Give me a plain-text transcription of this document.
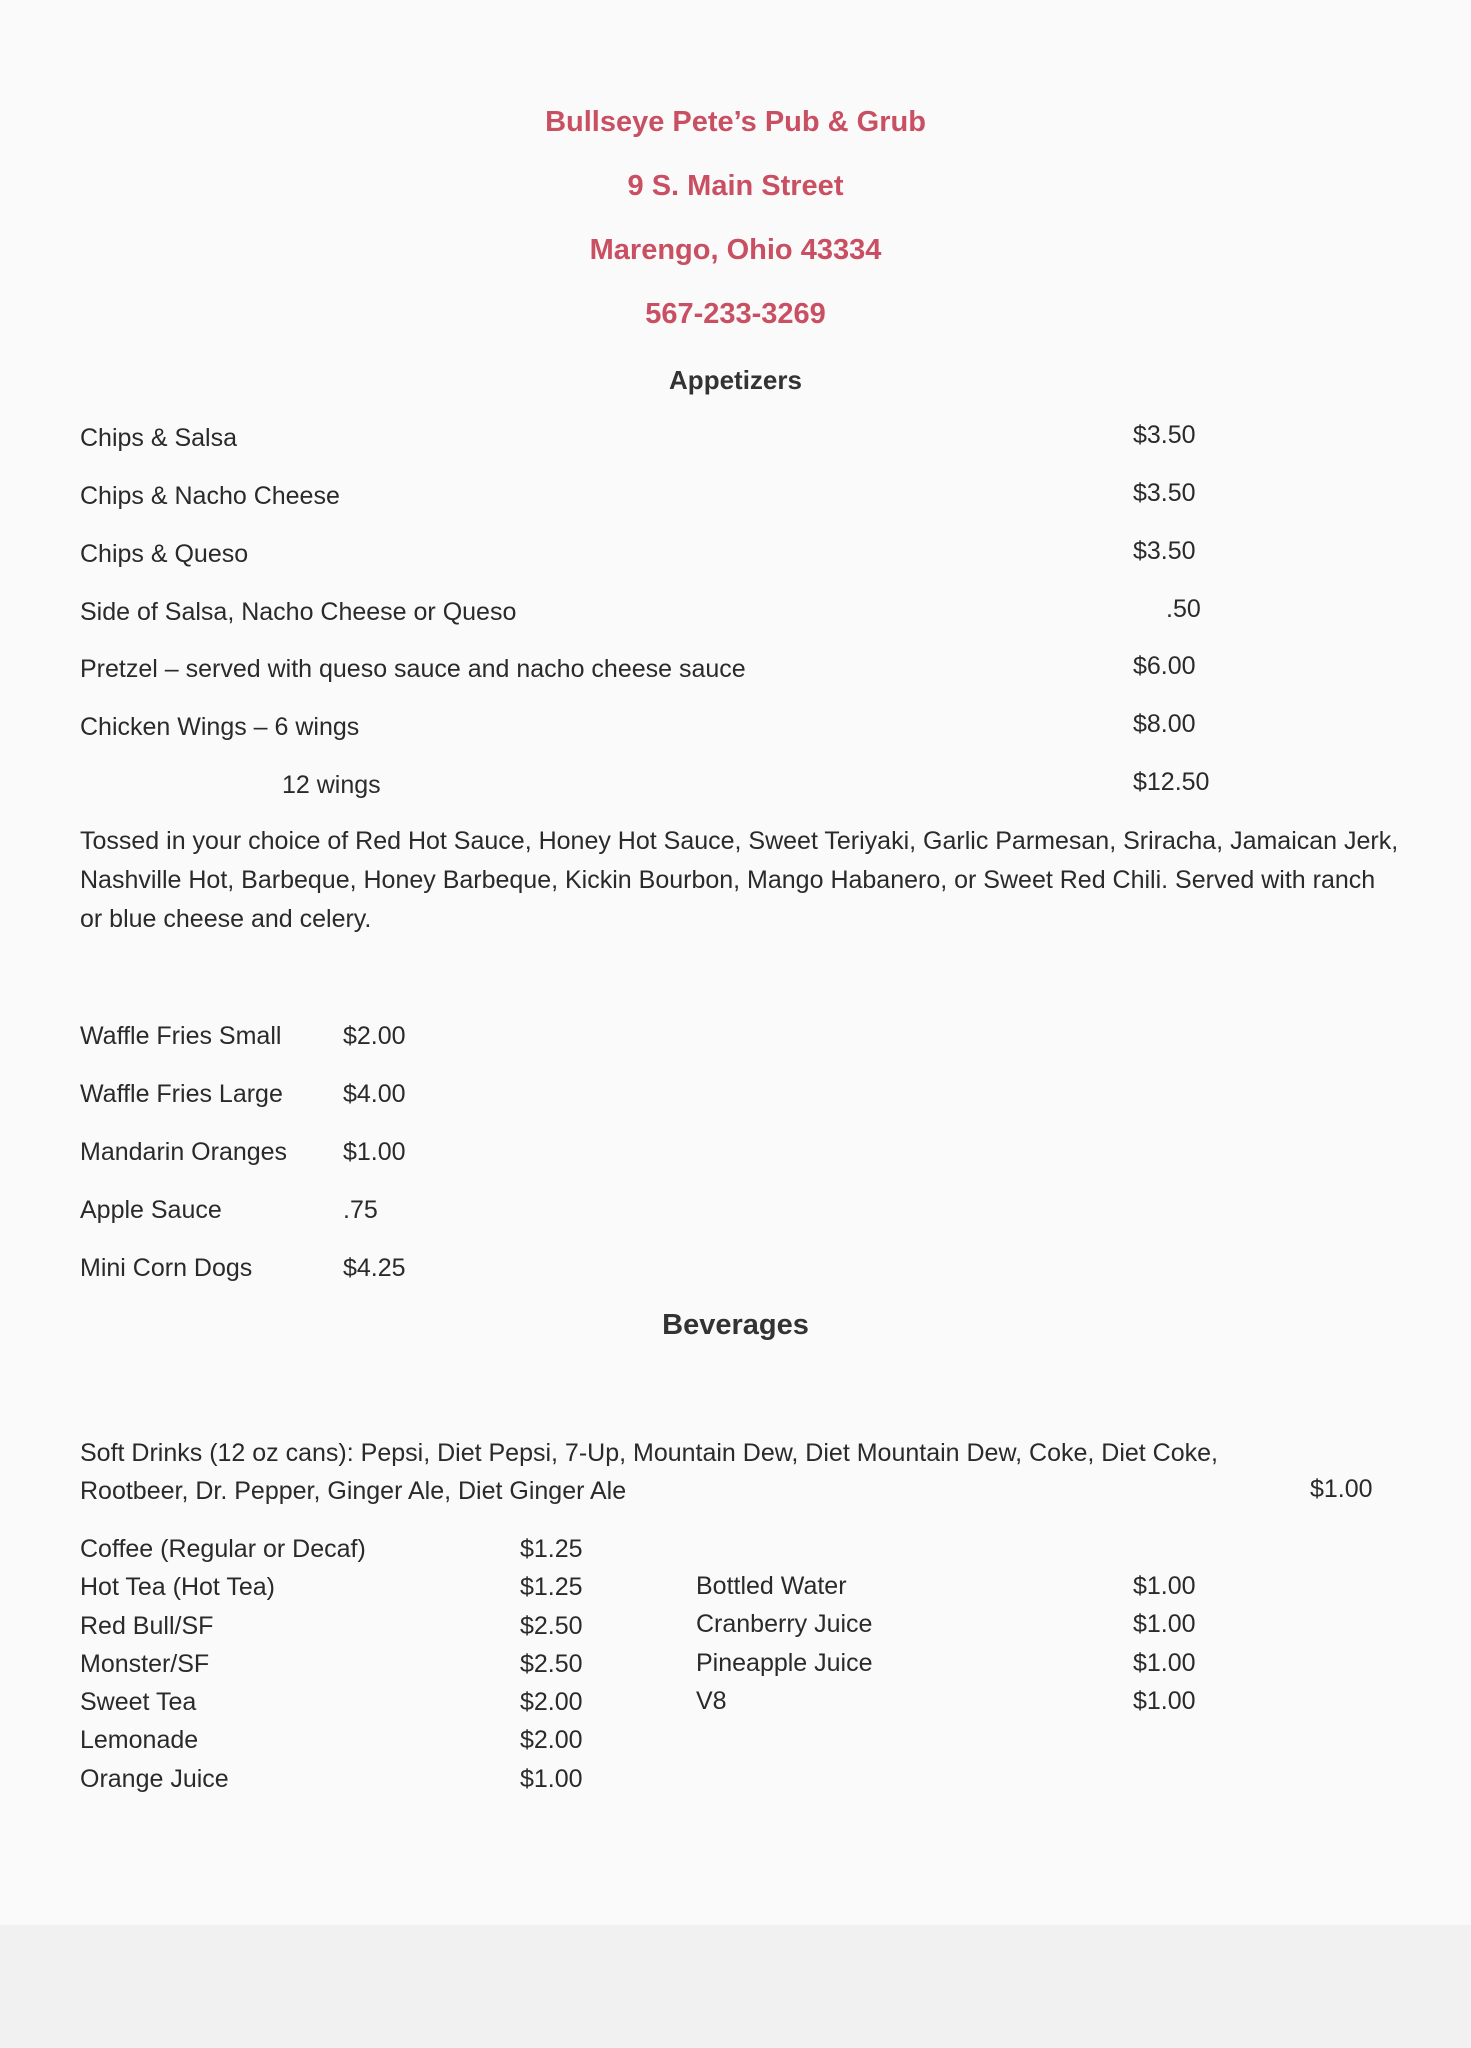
Bullseye Pete’s Pub & Grub
9 S. Main Street
Marengo, Ohio 43334
567-233-3269
Appetizers
Chips & Salsa	$3.50
Chips & Nacho Cheese	$3.50
Chips & Queso	$3.50
Side of Salsa, Nacho Cheese or Queso	.50
Pretzel – served with queso sauce and nacho cheese sauce	$6.00
Chicken Wings – 6 wings	$8.00
12 wings	$12.50
Tossed in your choice of Red Hot Sauce, Honey Hot Sauce, Sweet Teriyaki, Garlic Parmesan, Sriracha, Jamaican Jerk, Nashville Hot, Barbeque, Honey Barbeque, Kickin Bourbon, Mango Habanero, or Sweet Red Chili. Served with ranch or blue cheese and celery.
Waffle Fries Small $2.00
Waffle Fries Large $4.00
Mandarin Oranges $1.00
Apple Sauce	.75
Mini Corn Dogs	$4.25
Beverages
Soft Drinks (12 oz cans): Pepsi, Diet Pepsi, 7-Up, Mountain Dew, Diet Mountain Dew, Coke, Diet Coke,
Rootbeer, Dr. Pepper, Ginger Ale, Diet Ginger Ale	$1.00
Coffee (Regular or Decaf)	$1.25
Hot Tea (Hot Tea)	$1.25
Red Bull/SF	$2.50
Monster/SF	$2.50
Sweet Tea	$2.00
Lemonade	$2.00
Orange Juice	$1.00
Bottled Water	$1.00
Cranberry Juice	$1.00
Pineapple Juice	$1.00
V8	$1.00
